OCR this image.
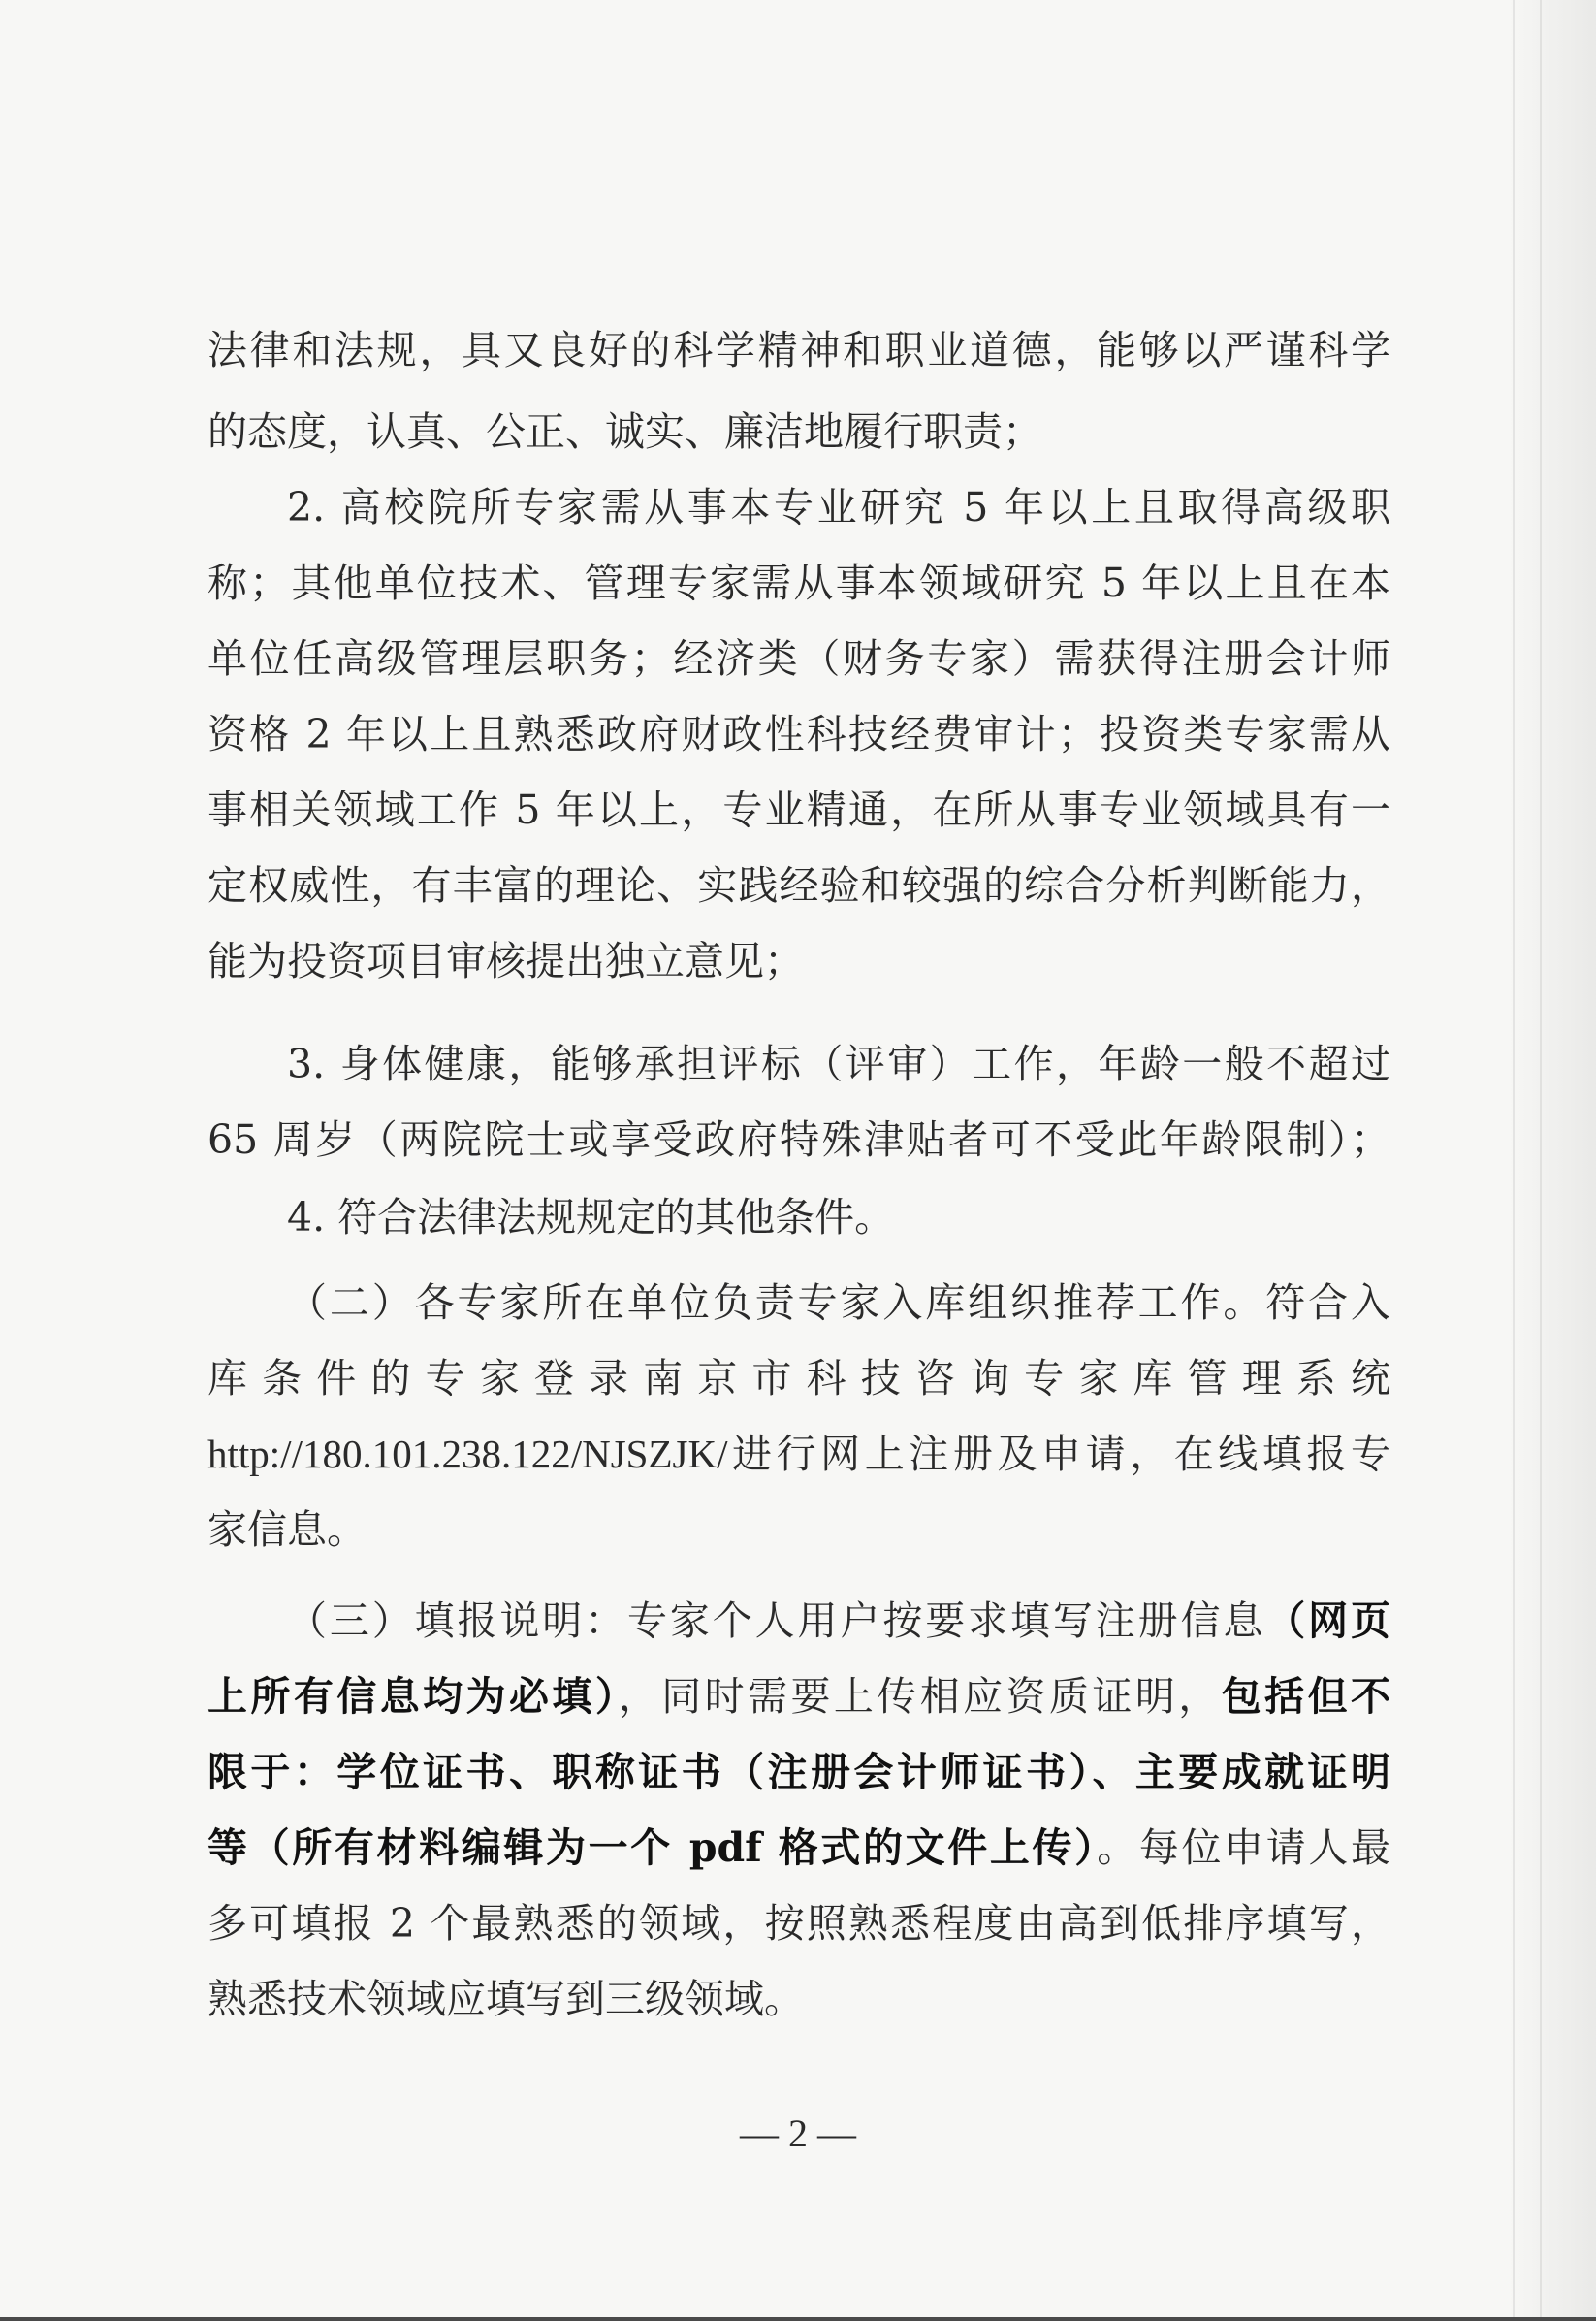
法律和法规，具又良好的科学精神和职业道德，能够以严谨科学
的态度，认真、公正、诚实、廉洁地履行职责；
2. 高校院所专家需从事本专业研究 5 年以上且取得高级职
称；其他单位技术、管理专家需从事本领域研究 5 年以上且在本
单位任高级管理层职务；经济类（财务专家）需获得注册会计师
资格 2 年以上且熟悉政府财政性科技经费审计；投资类专家需从
事相关领域工作 5 年以上，专业精通，在所从事专业领域具有一
定权威性，有丰富的理论、实践经验和较强的综合分析判断能力，
能为投资项目审核提出独立意见；
3. 身体健康，能够承担评标（评审）工作，年龄一般不超过
65 周岁（两院院士或享受政府特殊津贴者可不受此年龄限制）；
4. 符合法律法规规定的其他条件。
（二）各专家所在单位负责专家入库组织推荐工作。符合入
库条件的专家登录南京市科技咨询专家库管理系统
http://180.101.238.122/NJSZJK/进行网上注册及申请，在线填报专
家信息。
（三）填报说明：专家个人用户按要求填写注册信息（网页
上所有信息均为必填），同时需要上传相应资质证明，包括但不
限于：学位证书、职称证书（注册会计师证书）、主要成就证明
等（所有材料编辑为一个 pdf 格式的文件上传）。每位申请人最
多可填报 2 个最熟悉的领域，按照熟悉程度由高到低排序填写，
熟悉技术领域应填写到三级领域。
— 2 —
